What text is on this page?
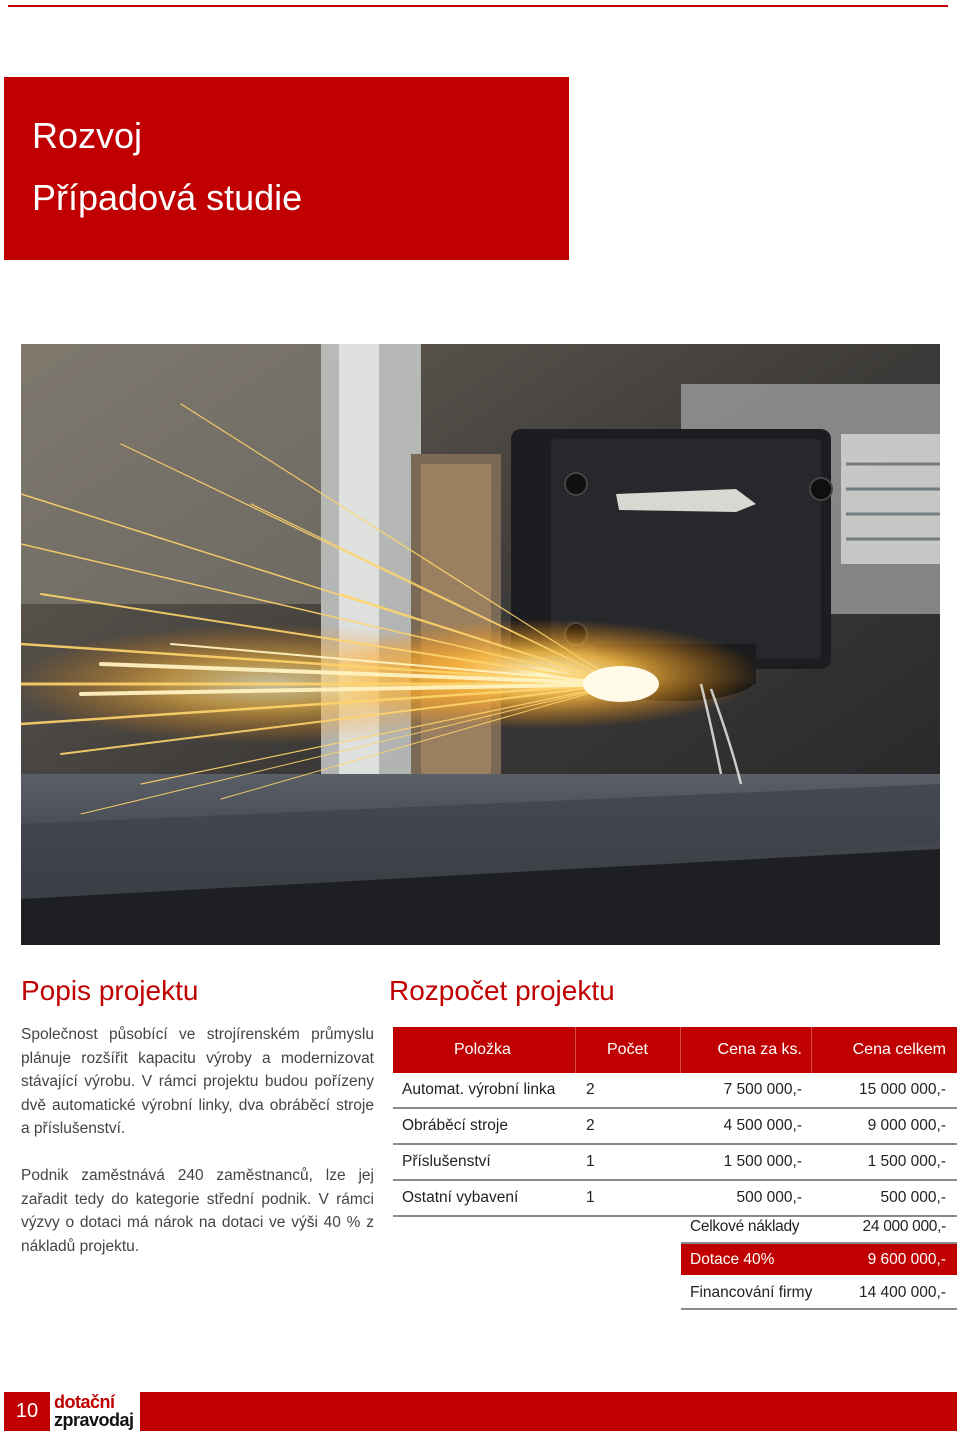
Rozvoj
Případová studie
Popis projektu
Společnost působící ve strojírenském průmyslu plánuje rozšířit kapacitu výroby a modernizovat stávající výrobu. V rámci projektu budou pořízeny dvě automatické výrobní linky, dva obráběcí stroje a příslušenství.
Podnik zaměstnává 240 zaměstnanců, lze jej zařadit tedy do kategorie střední podnik. V rámci výzvy o dotaci má nárok na dotaci ve výši 40 % z nákladů projektu.
Rozpočet projektu
Položka	Počet	Cena za ks.	Cena celkem
Automat. výrobní linka 2	7 500 000,-	15 000 000,-
Obráběcí stroje	2	4 500 000,-	9 000 000,-
Příslušenství	1	1 500 000,-	1 500 000,-
Ostatní vybavení	1	500 000,-	500 000,-
Celkové náklady	24 000 000,-
Dotace 40%	9 600 000,-
Financování firmy	14 400 000,-
10 dotační
zpravodaj
